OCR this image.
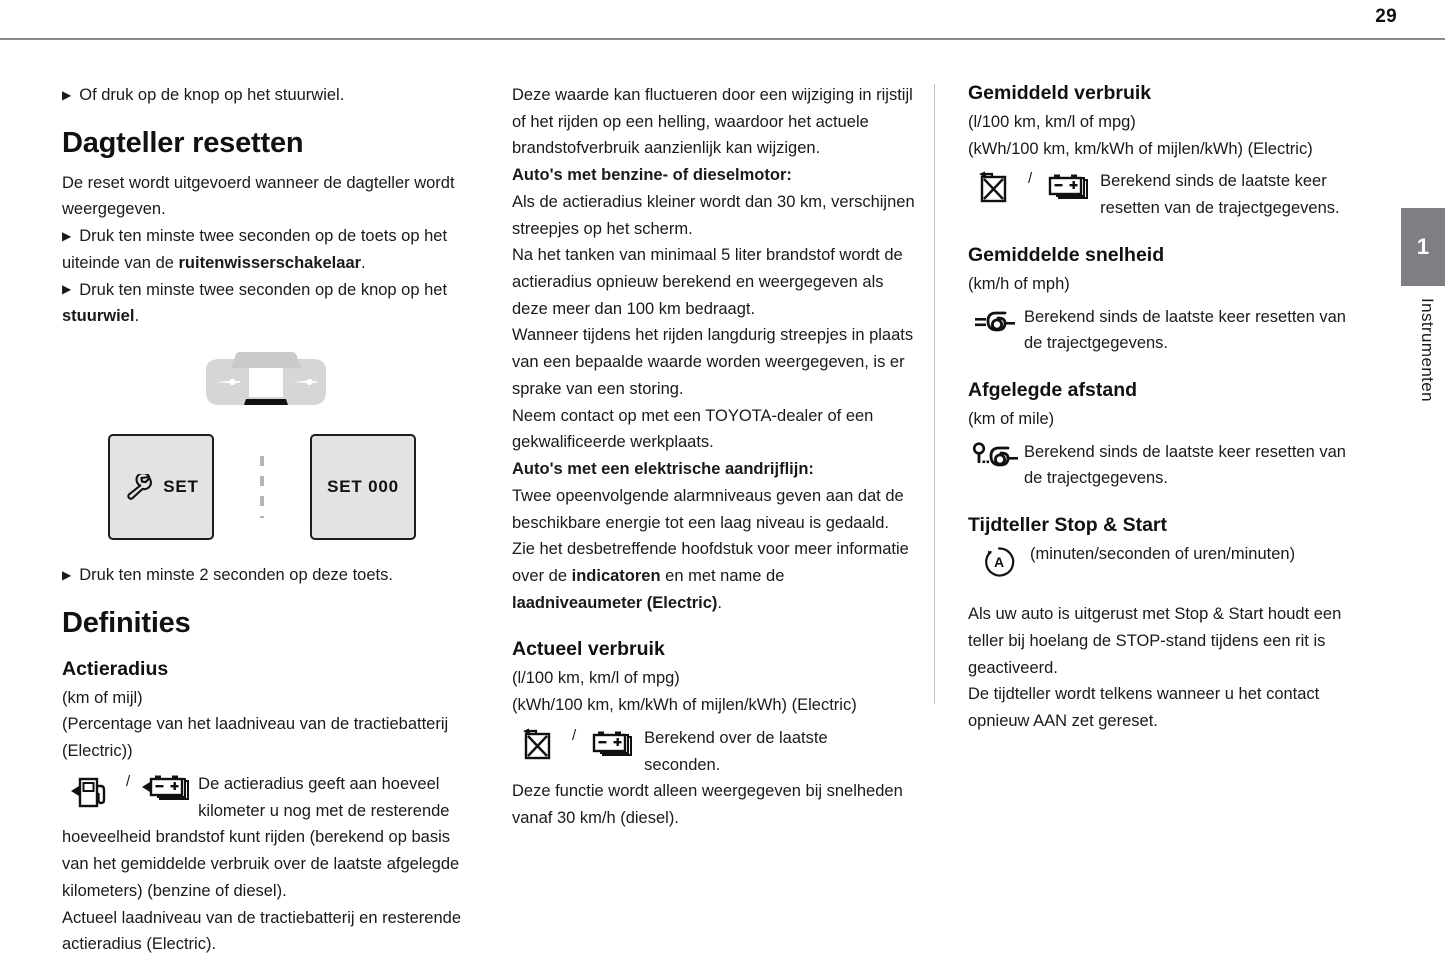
29
1
Instrumenten
▶ Of druk op de knop op het stuurwiel.
Dagteller resetten

De reset wordt uitgevoerd wanneer de dagteller wordt weergegeven.

▶ Druk ten minste twee seconden op de toets op het uiteinde van de ruitenwisserschakelaar.
▶ Druk ten minste twee seconden op de knop op het stuurwiel.
SET	SET 000
▶ Druk ten minste 2 seconden op deze toets.
Definities
Actieradius

(km of mijl)

(Percentage van het laadniveau van de tractiebatterij (Electric))

/	De actieradius geeft aan hoeveel kilometer u nog met de resterende

hoeveelheid brandstof kunt rijden (berekend op basis van het gemiddelde verbruik over de laatste afgelegde kilometers) (benzine of diesel).

Actueel laadniveau van de tractiebatterij en resterende actieradius (Electric).

Deze waarde kan fluctueren door een wijziging in rijstijl of het rijden op een helling, waardoor het actuele brandstofverbruik aanzienlijk kan wijzigen.

Auto's met benzine- of dieselmotor:

Als de actieradius kleiner wordt dan 30 km, verschijnen streepjes op het scherm.

Na het tanken van minimaal 5 liter brandstof wordt de actieradius opnieuw berekend en weergegeven als deze meer dan 100 km bedraagt.

Wanneer tijdens het rijden langdurig streepjes in plaats van een bepaalde waarde worden weergegeven, is er sprake van een storing.

Neem contact op met een TOYOTA-dealer of een gekwalificeerde werkplaats.

Auto's met een elektrische aandrijflijn:

Twee opeenvolgende alarmniveaus geven aan dat de beschikbare energie tot een laag niveau is gedaald.

Zie het desbetreffende hoofdstuk voor meer informatie over de indicatoren en met name de laadniveaumeter (Electric).

Actueel verbruik

(l/100 km, km/l of mpg)

(kWh/100 km, km/kWh of mijlen/kWh) (Electric)

/	Berekend over de laatste seconden.

Deze functie wordt alleen weergegeven bij snelheden vanaf 30 km/h (diesel).

Gemiddeld verbruik

(l/100 km, km/l of mpg)

(kWh/100 km, km/kWh of mijlen/kWh) (Electric)

/	Berekend sinds de laatste keer resetten van de trajectgegevens.
Gemiddelde snelheid

(km/h of mph)

Berekend sinds de laatste keer resetten van de trajectgegevens.
Afgelegde afstand

(km of mile)

Berekend sinds de laatste keer resetten van de trajectgegevens.
Tijdteller Stop & Start
A (minuten/seconden of uren/minuten)

Als uw auto is uitgerust met Stop & Start houdt een teller bij hoelang de STOP-stand tijdens een rit is geactiveerd.

De tijdteller wordt telkens wanneer u het contact opnieuw AAN zet gereset.
